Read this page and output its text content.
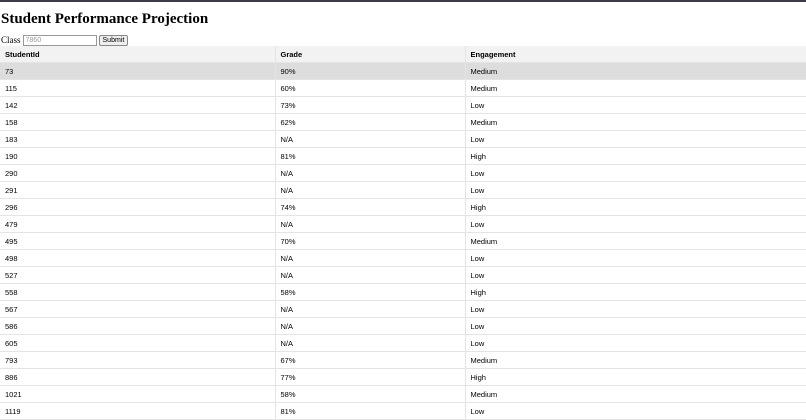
Student Performance Projection
Class
7860	Submit
StudentId	Grade	Engagement
73	90%	Medium
115	60%	Medium
142	73%	Low
158	62%	Medium
183	N/A	Low
190	81%	High
290	N/A	Low
291	N/A	Low
296	74%	High
479	N/A	Low
495	70%	Medium
498	N/A	Low
527	N/A	Low
558	58%	High
567	N/A	Low
586	N/A	Low
605	N/A	Low
793	67%	Medium
886	77%	High
1021	58%	Medium
1119	81%	Low
